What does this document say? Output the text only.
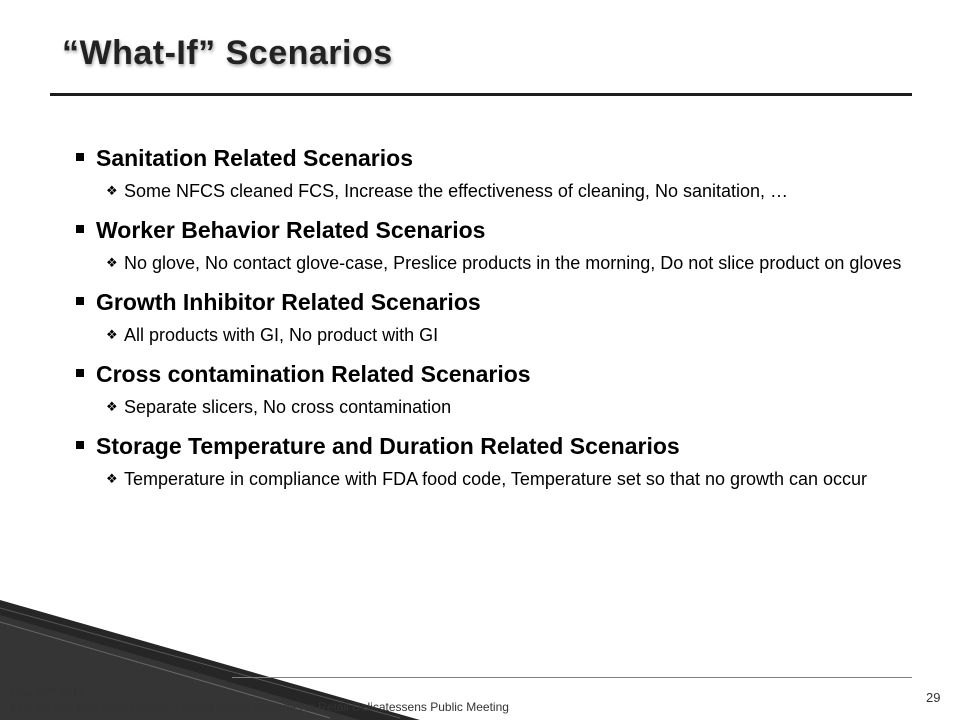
“What-If” Scenarios
Sanitation Related Scenarios
❖ Some NFCS cleaned FCS, Increase the effectiveness of cleaning, No sanitation, …
Worker Behavior Related Scenarios
❖ No glove, No contact glove-case, Preslice products in the morning, Do not slice product on gloves
Growth Inhibitor Related Scenarios
❖ All products with GI, No product with GI
Cross contamination Related Scenarios
❖ Separate slicers, No cross contamination
Storage Temperature and Duration Related Scenarios
❖ Temperature in compliance with FDA food code, Temperature set so that no growth can occur
May 22nd, 2013
Interagency Risk Assessment--Listeria monocytogenes in Retail Delicatessens Public Meeting
29
